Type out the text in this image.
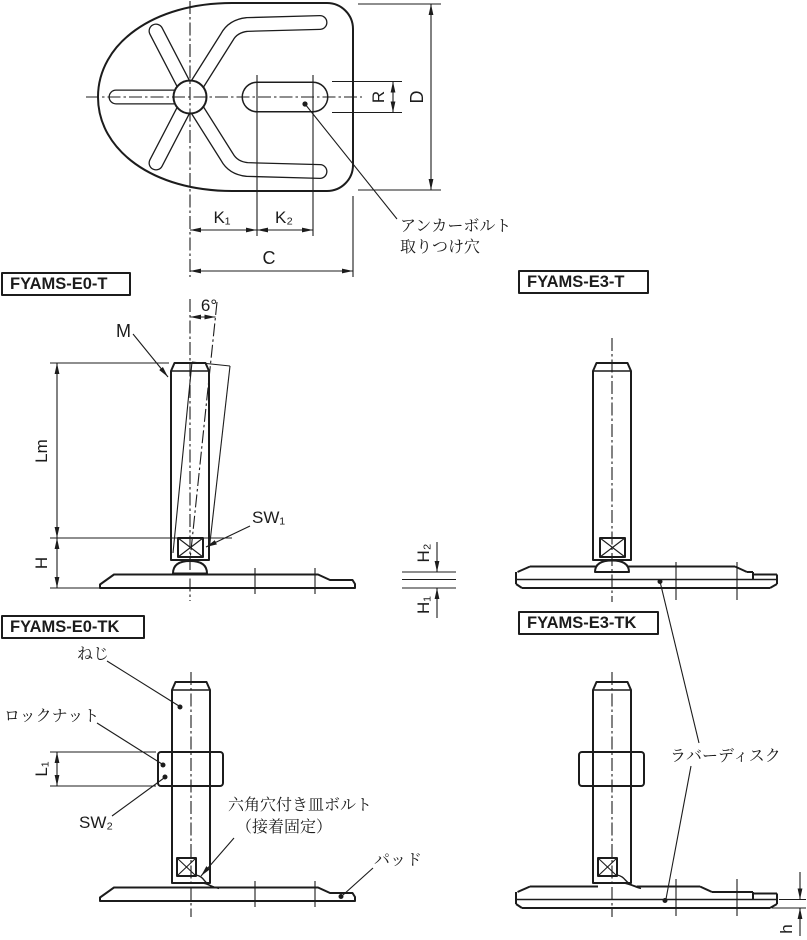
D
R
K₁	K₂
C
アンカーボルト
取りつけ穴
FYAMS-E0-T
Lm
H
6°
M
SW₁
FYAMS-E3-T
H₂
H₁
FYAMS-E0-TK
L₁
ねじ
ロックナット
SW₂
六角穴付き皿ボルト
（接着固定）
パッド
FYAMS-E3-TK
ラバーディスク
h
